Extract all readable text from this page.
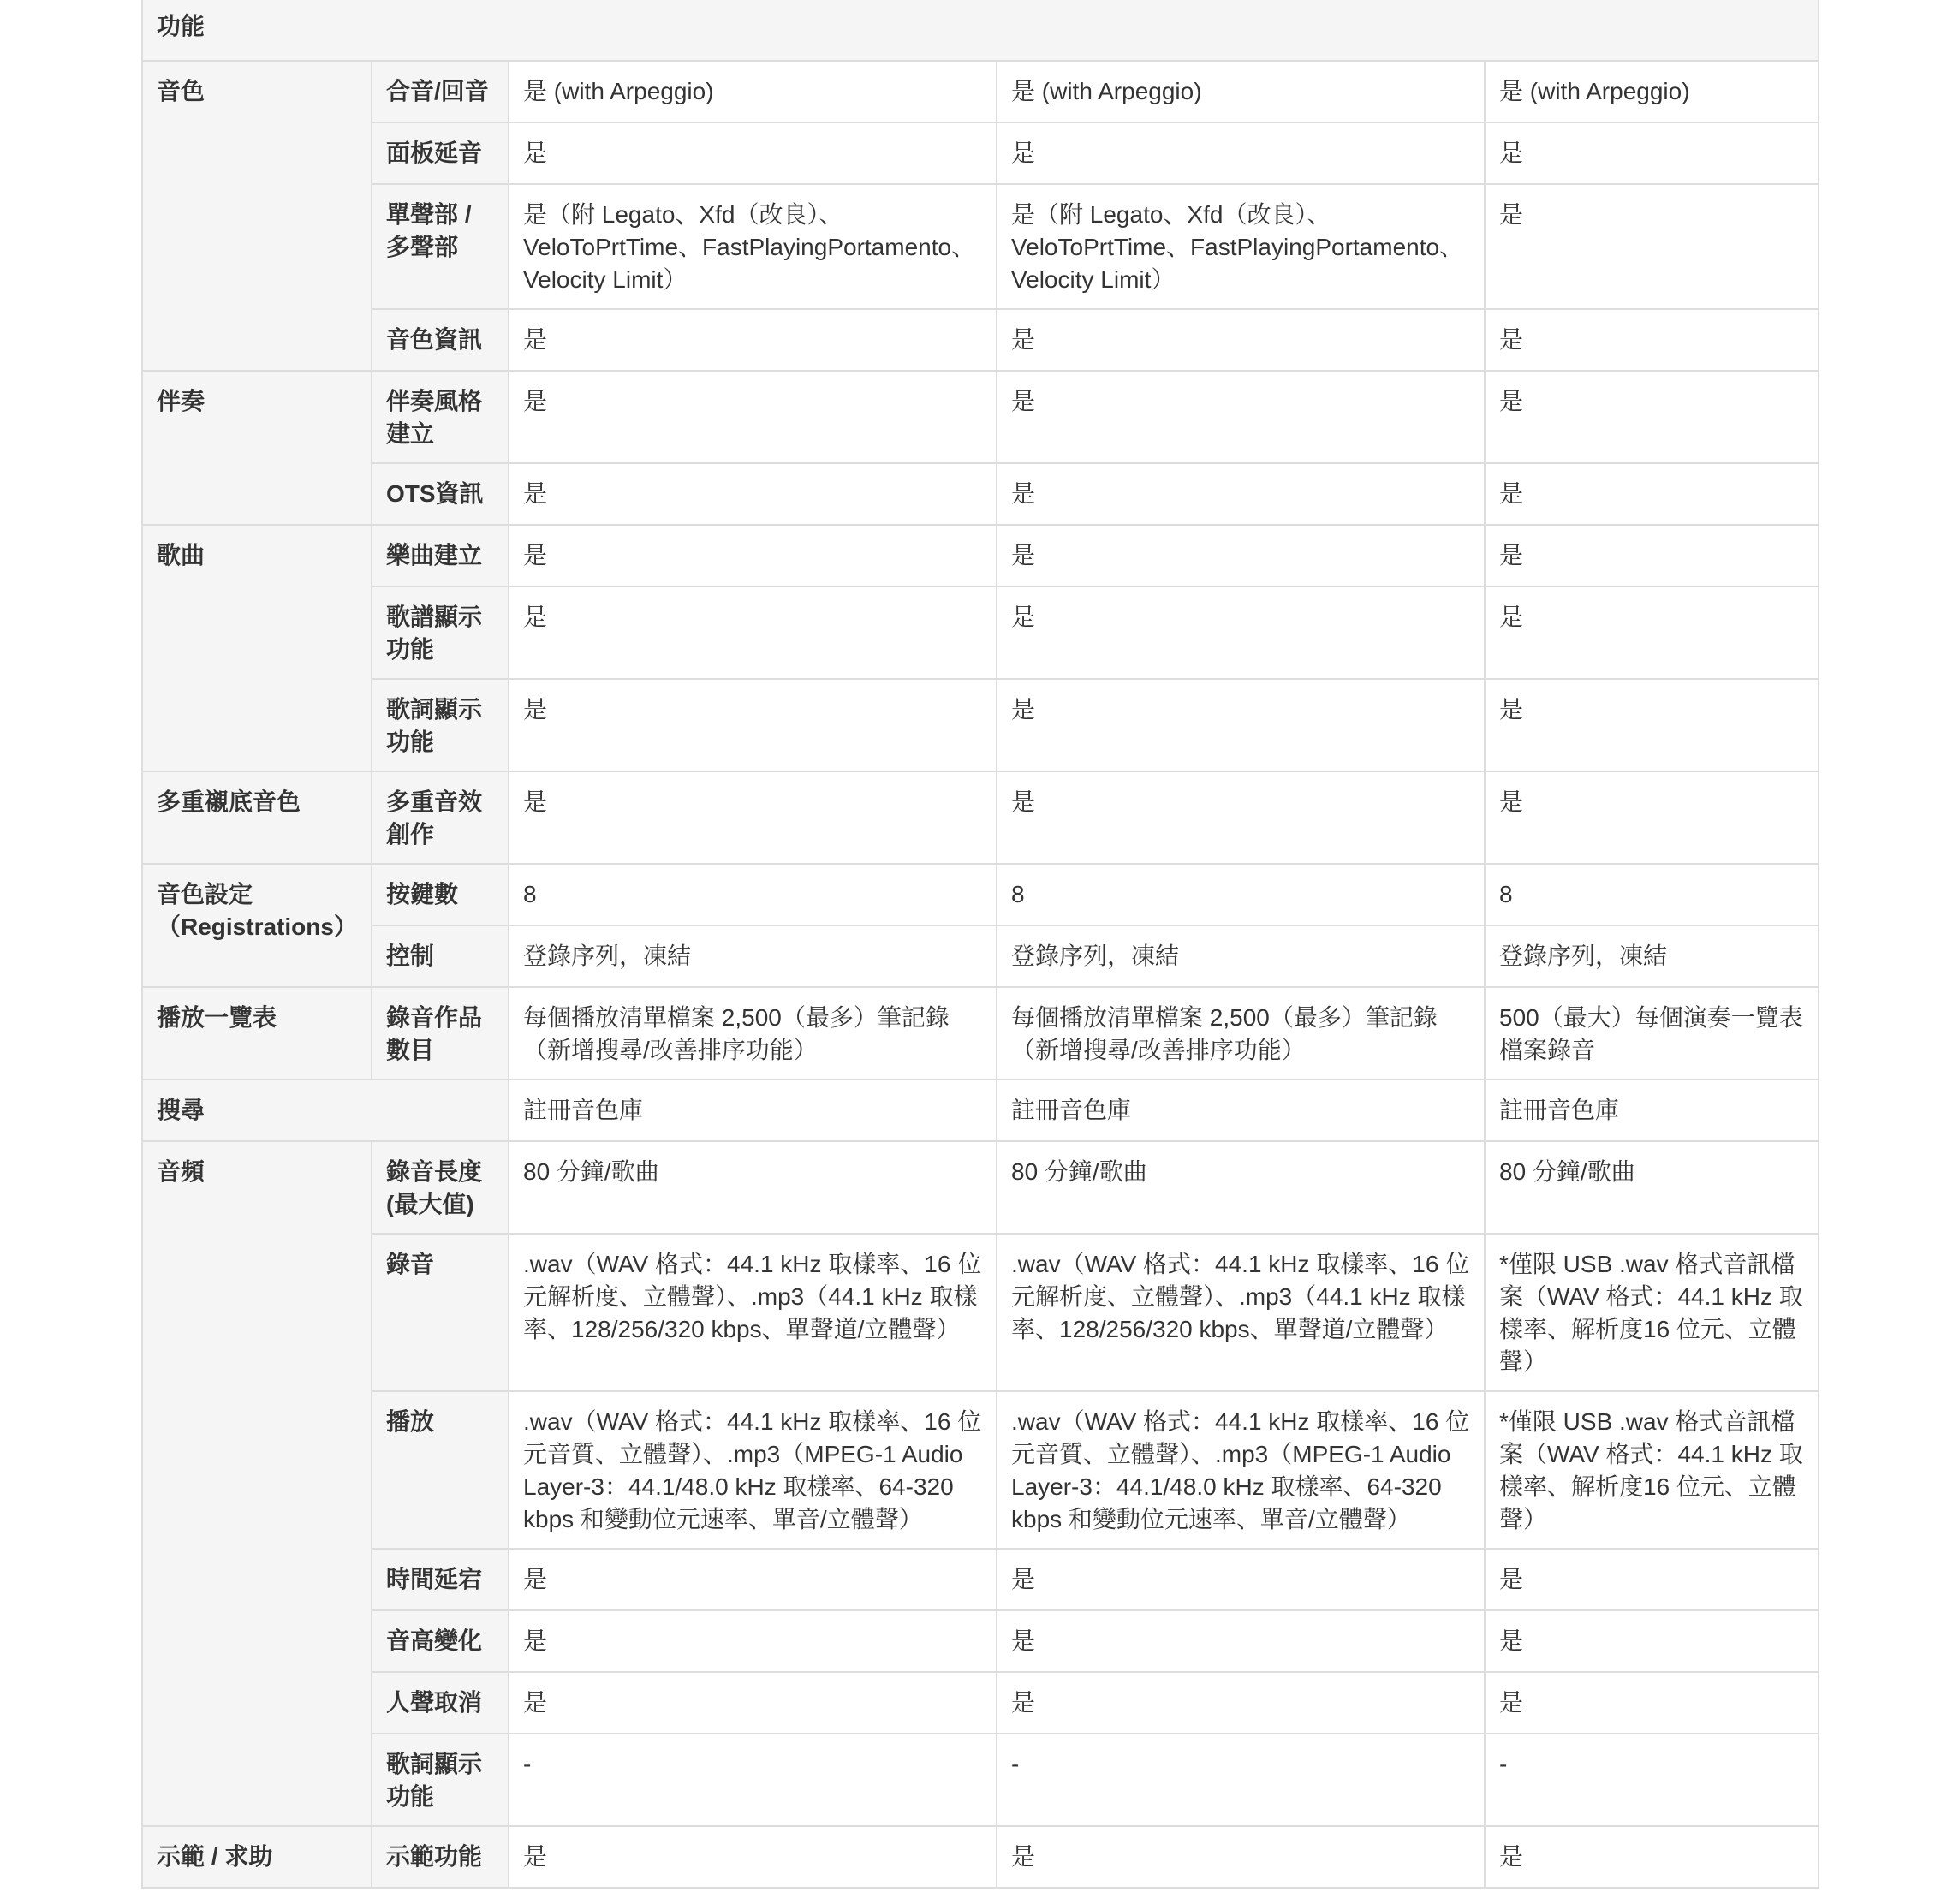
功能				
音色	合音/回音	是 (with Arpeggio)	是 (with Arpeggio)	是 (with Arpeggio)
	面板延音	是	是	是
	單聲部 / 多聲部	是（附 Legato、Xfd（改良）、VeloToPrtTime、FastPlayingPortamento、Velocity Limit）	是（附 Legato、Xfd（改良）、VeloToPrtTime、FastPlayingPortamento、Velocity Limit）	是
	音色資訊	是	是	是
伴奏	伴奏風格建立	是	是	是
	OTS資訊	是	是	是
歌曲	樂曲建立	是	是	是
	歌譜顯示功能	是	是	是
	歌詞顯示功能	是	是	是
多重襯底音色	多重音效創作	是	是	是
音色設定（Registrations）	按鍵數	8	8	8
	控制	登錄序列，凍結	登錄序列，凍結	登錄序列，凍結
播放一覽表	錄音作品數目	每個播放清單檔案 2,500（最多）筆記錄（新增搜尋/改善排序功能）	每個播放清單檔案 2,500（最多）筆記錄（新增搜尋/改善排序功能）	500（最大）每個演奏一覽表檔案錄音
搜尋		註冊音色庫	註冊音色庫	註冊音色庫
音頻	錄音長度(最大值)	80 分鐘/歌曲	80 分鐘/歌曲	80 分鐘/歌曲
	錄音	.wav（WAV 格式：44.1 kHz 取樣率、16 位元解析度、立體聲）、.mp3（44.1 kHz 取樣率、128/256/320 kbps、單聲道/立體聲）	.wav（WAV 格式：44.1 kHz 取樣率、16 位元解析度、立體聲）、.mp3（44.1 kHz 取樣率、128/256/320 kbps、單聲道/立體聲）	*僅限 USB .wav 格式音訊檔案（WAV 格式：44.1 kHz 取樣率、解析度16 位元、立體聲）
	播放	.wav（WAV 格式：44.1 kHz 取樣率、16 位元音質、立體聲）、.mp3（MPEG-1 Audio Layer-3：44.1/48.0 kHz 取樣率、64-320 kbps 和變動位元速率、單音/立體聲）	.wav（WAV 格式：44.1 kHz 取樣率、16 位元音質、立體聲）、.mp3（MPEG-1 Audio Layer-3：44.1/48.0 kHz 取樣率、64-320 kbps 和變動位元速率、單音/立體聲）	*僅限 USB .wav 格式音訊檔案（WAV 格式：44.1 kHz 取樣率、解析度16 位元、立體聲）
	時間延宕	是	是	是
	音高變化	是	是	是
	人聲取消	是	是	是
	歌詞顯示功能	-	-	-
示範 / 求助	示範功能	是	是	是
